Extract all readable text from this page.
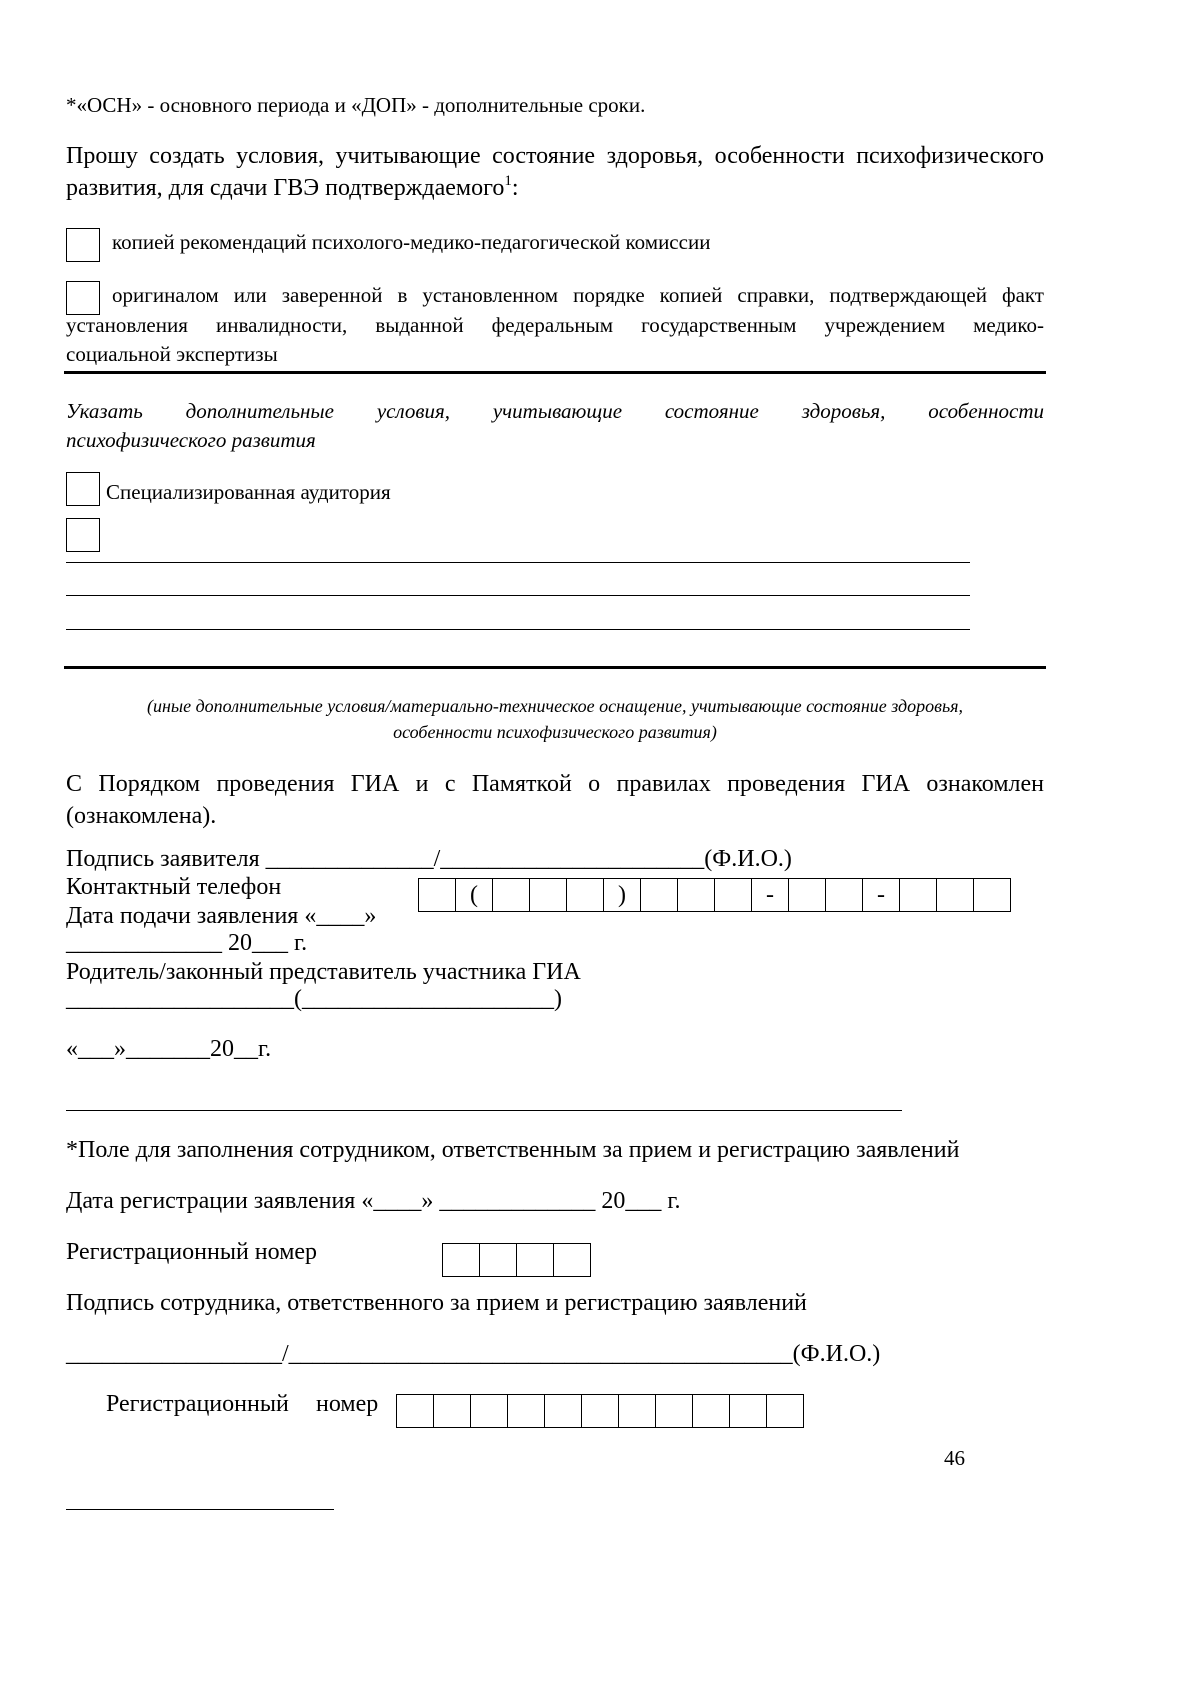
*«ОСН» - основного периода и «ДОП» - дополнительные сроки.
Прошу создать условия, учитывающие состояние здоровья, особенности психофизического
развития, для сдачи ГВЭ подтверждаемого$^1$:
копией рекомендаций психолого-медико-педагогической комиссии
оригиналом или заверенной в установленном порядке копией справки, подтверждающей факт
установления инвалидности, выданной федеральным государственным учреждением медико-
социальной экспертизы
Указать дополнительные условия, учитывающие состояние здоровья, особенности
психофизического развития
Специализированная аудитория
(иные дополнительные условия/материально-техническое оснащение, учитывающие состояние здоровья,
особенности психофизического развития)
С Порядком проведения ГИА и с Памяткой о правилах проведения ГИА ознакомлен
(ознакомлена).
Подпись заявителя ______________/______________________(Ф.И.О.)
Контактный телефон	(	)	-	-
Дата подачи заявления «____»
_____________ 20___ г.
Родитель/законный представитель участника ГИА
___________________(_____________________)
«___»_______20__г.
*Поле для заполнения сотрудником, ответственным за прием и регистрацию заявлений
Дата регистрации заявления «____» _____________ 20___ г.
Регистрационный номер
Подпись сотрудника, ответственного за прием и регистрацию заявлений
__________________/__________________________________________(Ф.И.О.)
Регистрационный номер
46
